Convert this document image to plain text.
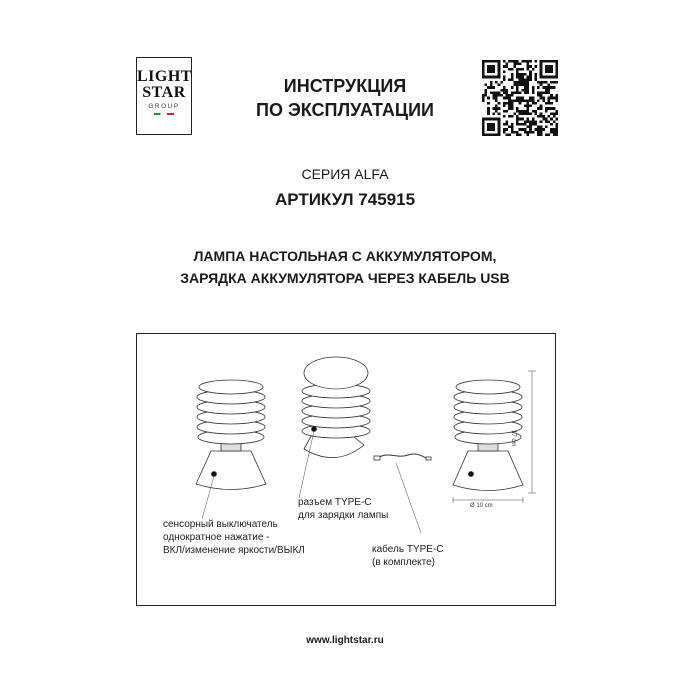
LIGHT
STAR
GROUP
ИНСТРУКЦИЯ
ПО ЭКСПЛУАТАЦИИ
СЕРИЯ ALFA
АРТИКУЛ 745915
ЛАМПА НАСТОЛЬНАЯ С АККУМУЛЯТОРОМ,
ЗАРЯДКА АККУМУЛЯТОРА ЧЕРЕЗ КАБЕЛЬ USB
17 cm
Ø 10 cm
сенсорный выключатель
однократное нажатие -
ВКЛ/изменение яркости/ВЫКЛ
разъем TYPE-C
для зарядки лампы
кабель TYPE-C
(в комплекте)
www.lightstar.ru
